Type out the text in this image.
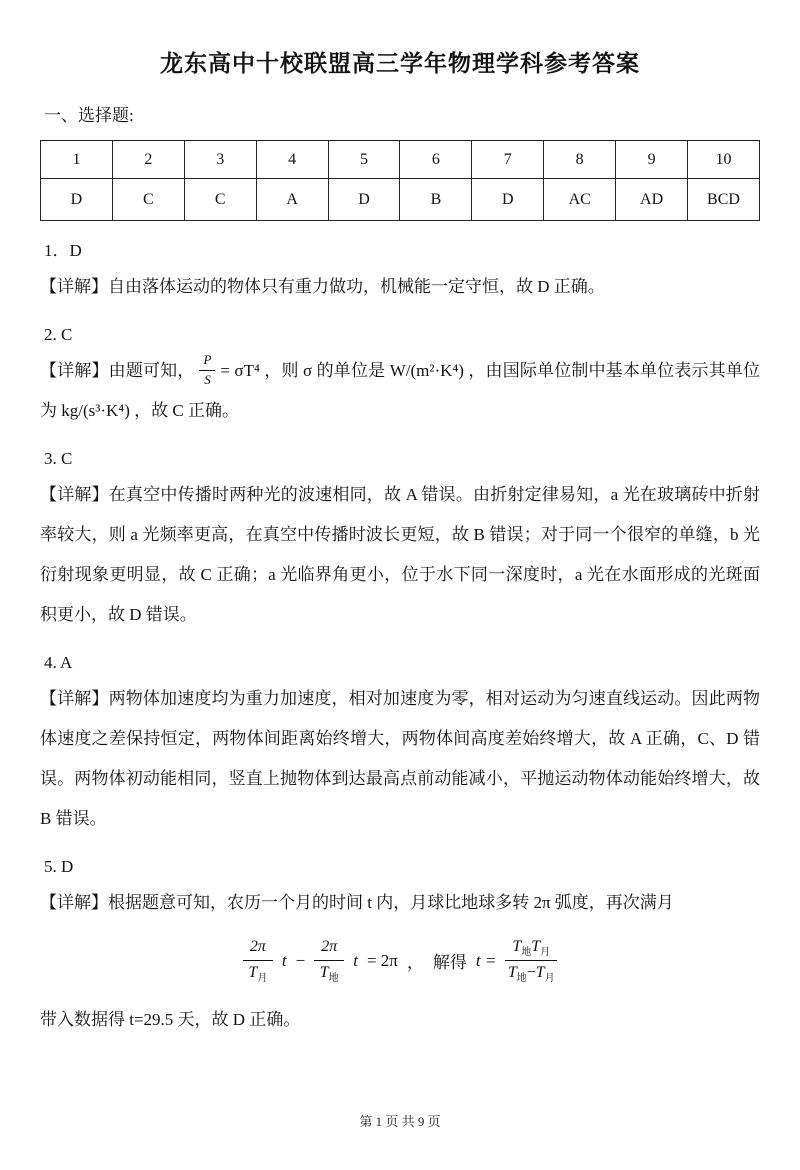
龙东高中十校联盟高三学年物理学科参考答案
一、选择题:
1	2	3	4	5	6	7	8	9	10
D	C	C	A	D	B	D	AC	AD	BCD

1．D

【详解】自由落体运动的物体只有重力做功，机械能一定守恒，故 D 正确。

2. C

【详解】由题可知， $\frac{P}{S} = \sigma T^4$ ，则 σ 的单位是 W/(m²·K⁴) ，由国际单位制中基本单位表示其单位为 kg/(s³·K⁴) ，故 C 正确。

3. C

【详解】在真空中传播时两种光的波速相同，故 A 错误。由折射定律易知，a 光在玻璃砖中折射率较大，则 a 光频率更高，在真空中传播时波长更短，故 B 错误；对于同一个很窄的单缝，b 光衍射现象更明显，故 C 正确；a 光临界角更小，位于水下同一深度时，a 光在水面形成的光斑面积更小，故 D 错误。

4. A

【详解】两物体加速度均为重力加速度，相对加速度为零，相对运动为匀速直线运动。因此两物体速度之差保持恒定，两物体间距离始终增大，两物体间高度差始终增大，故 A 正确，C、D 错误。两物体初动能相同，竖直上抛物体到达最高点前动能减小，平抛运动物体动能始终增大，故 B 错误。

5. D

【详解】根据题意可知，农历一个月的时间 t 内，月球比地球多转 2π 弧度，再次满月

$\frac{2\pi}{T_月}$ $t - \frac{2\pi}{T_地}$ t = 2π ， 解得 $t = \frac{T_地T_月}{T_地-T_月}$

带入数据得 t=29.5 天，故 D 正确。

第 1 页 共 9 页
